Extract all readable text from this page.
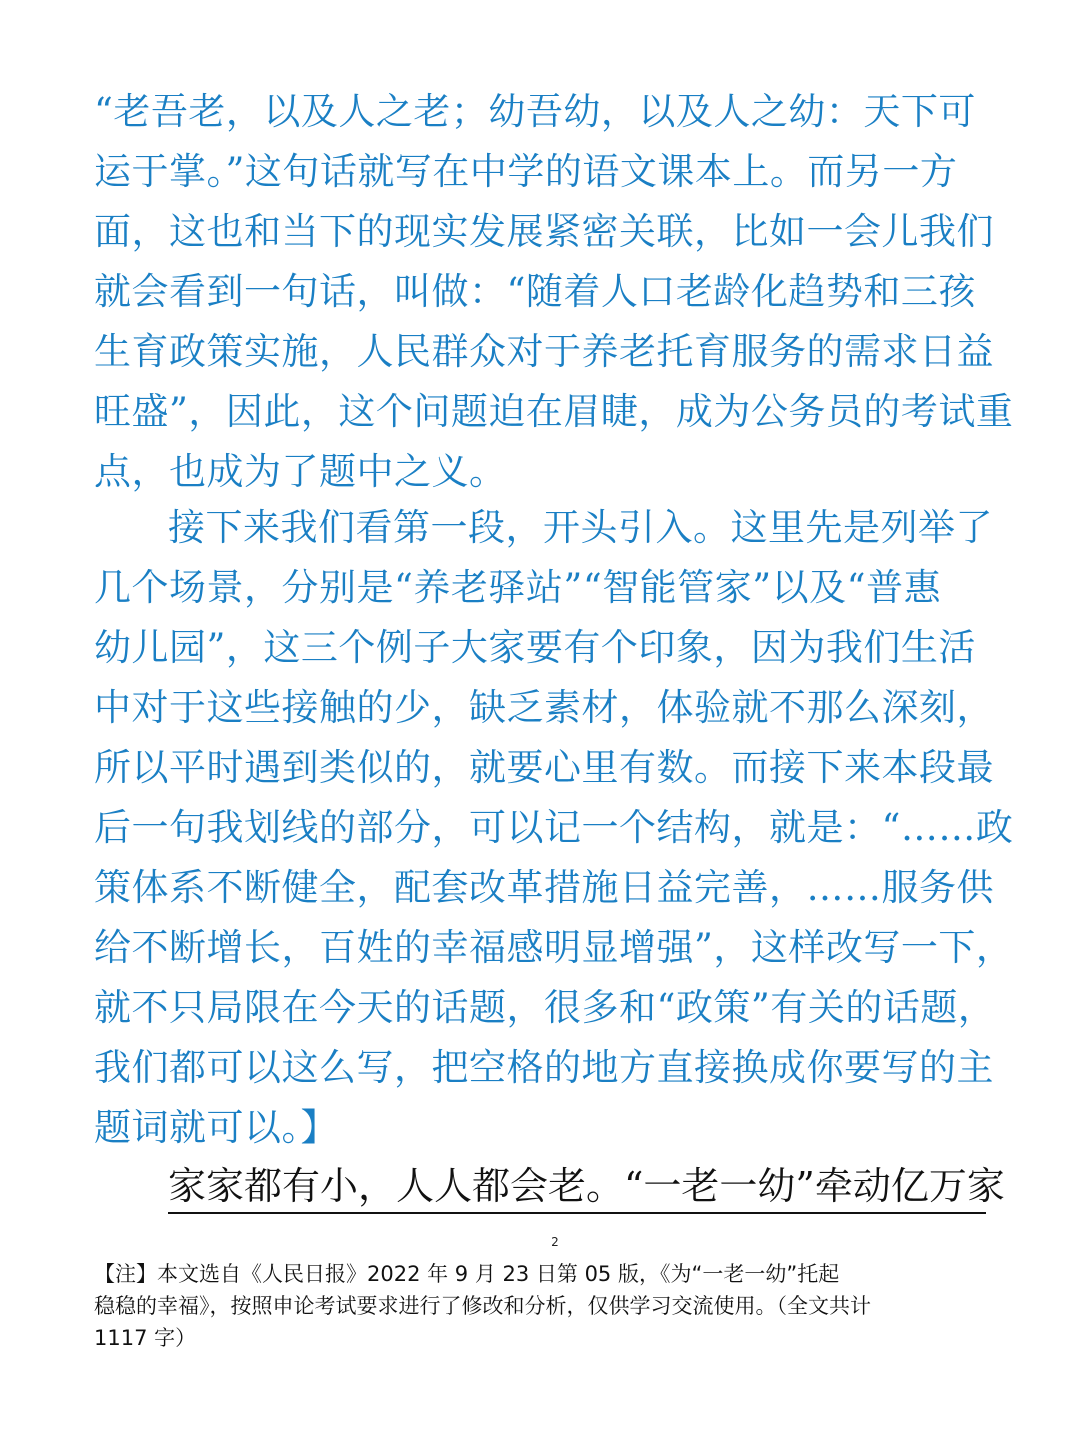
“老吾老，以及人之老；幼吾幼，以及人之幼：天下可
运于掌。”这句话就写在中学的语文课本上。而另一方
面，这也和当下的现实发展紧密关联，比如一会儿我们
就会看到一句话，叫做：“随着人口老龄化趋势和三孩
生育政策实施，人民群众对于养老托育服务的需求日益
旺盛”，因此，这个问题迫在眉睫，成为公务员的考试重
点，也成为了题中之义。
接下来我们看第一段，开头引入。这里先是列举了
几个场景，分别是“养老驿站”“智能管家”以及“普惠
幼儿园”，这三个例子大家要有个印象，因为我们生活
中对于这些接触的少，缺乏素材，体验就不那么深刻，
所以平时遇到类似的，就要心里有数。而接下来本段最
后一句我划线的部分，可以记一个结构，就是：“……政
策体系不断健全，配套改革措施日益完善，……服务供
给不断增长，百姓的幸福感明显增强”，这样改写一下，
就不只局限在今天的话题，很多和“政策”有关的话题，
我们都可以这么写，把空格的地方直接换成你要写的主
题词就可以。】
家家都有小，人人都会老。“一老一幼”牵动亿万家
2
【注】本文选自《人民日报》2022 年 9 月 23 日第 05 版，《为“一老一幼”托起
稳稳的幸福》，按照申论考试要求进行了修改和分析，仅供学习交流使用。（全文共计
1117 字）
